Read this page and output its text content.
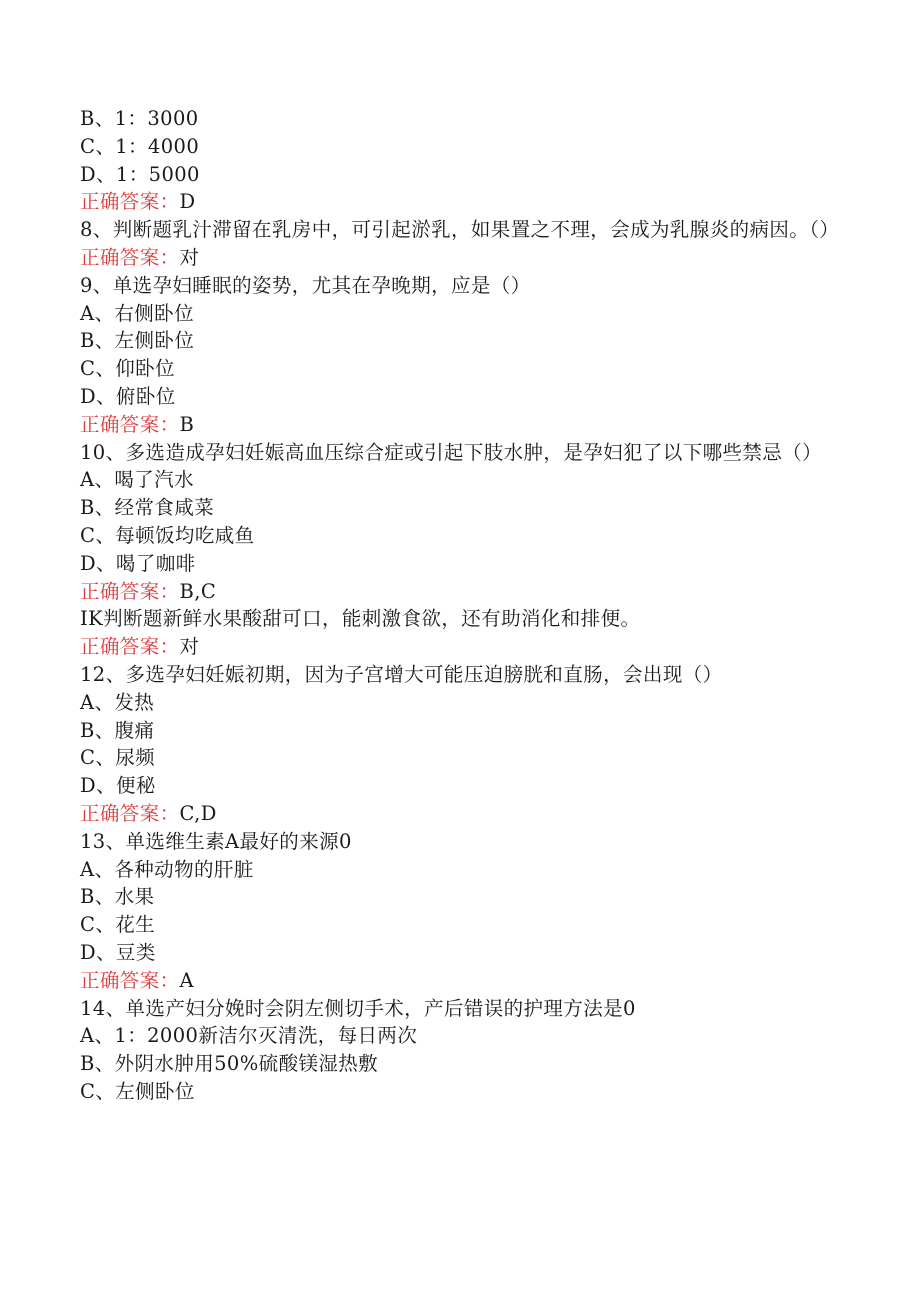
B、1：3000
C、1：4000
D、1：5000
正确答案：D
8、判断题乳汁滞留在乳房中，可引起淤乳，如果置之不理，会成为乳腺炎的病因。（）
正确答案：对
9、单选孕妇睡眠的姿势，尤其在孕晚期，应是（）
A、右侧卧位
B、左侧卧位
C、仰卧位
D、俯卧位
正确答案：B
10、多选造成孕妇妊娠高血压综合症或引起下肢水肿，是孕妇犯了以下哪些禁忌（）
A、喝了汽水
B、经常食咸菜
C、每顿饭均吃咸鱼
D、喝了咖啡
正确答案：B,C
IK判断题新鲜水果酸甜可口，能刺激食欲，还有助消化和排便。
正确答案：对
12、多选孕妇妊娠初期，因为子宫增大可能压迫膀胱和直肠，会出现（）
A、发热
B、腹痛
C、尿频
D、便秘
正确答案：C,D
13、单选维生素A最好的来源0
A、各种动物的肝脏
B、水果
C、花生
D、豆类
正确答案：A
14、单选产妇分娩时会阴左侧切手术，产后错误的护理方法是0
A、1：2000新洁尔灭清洗，每日两次
B、外阴水肿用50%硫酸镁湿热敷
C、左侧卧位
